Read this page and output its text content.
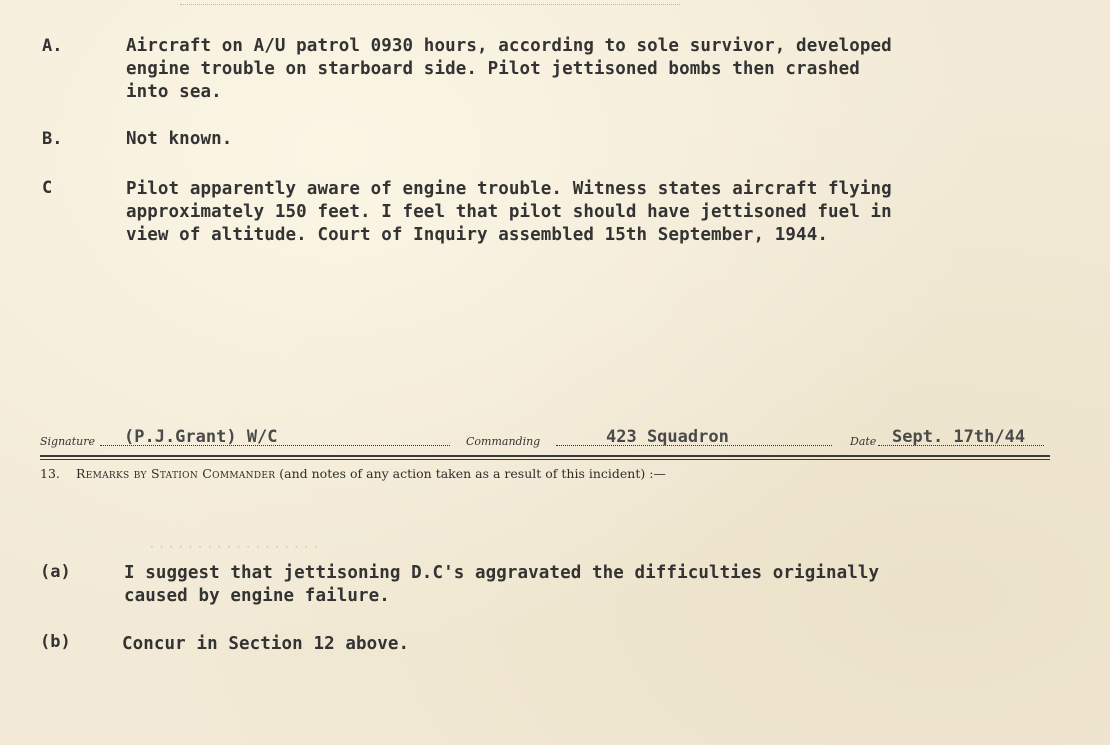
A.	Aircraft on A/U patrol 0930 hours, according to sole survivor, developed
engine trouble on starboard side. Pilot jettisoned bombs then crashed
into sea.
B.	Not known.
C	Pilot apparently aware of engine trouble. Witness states aircraft flying
approximately 150 feet. I feel that pilot should have jettisoned fuel in
view of altitude. Court of Inquiry assembled 15th September, 1944.
Signature (P.J.Grant) W/C	Commanding	423 Squadron	Date Sept. 17th/44
13. Remarks by Station Commander (and notes of any action taken as a result of this incident) :—
· · · · · · · · · · · · · · · · · ·
(a)	I suggest that jettisoning D.C's aggravated the difficulties originally
caused by engine failure.
(b)	Concur in Section 12 above.
